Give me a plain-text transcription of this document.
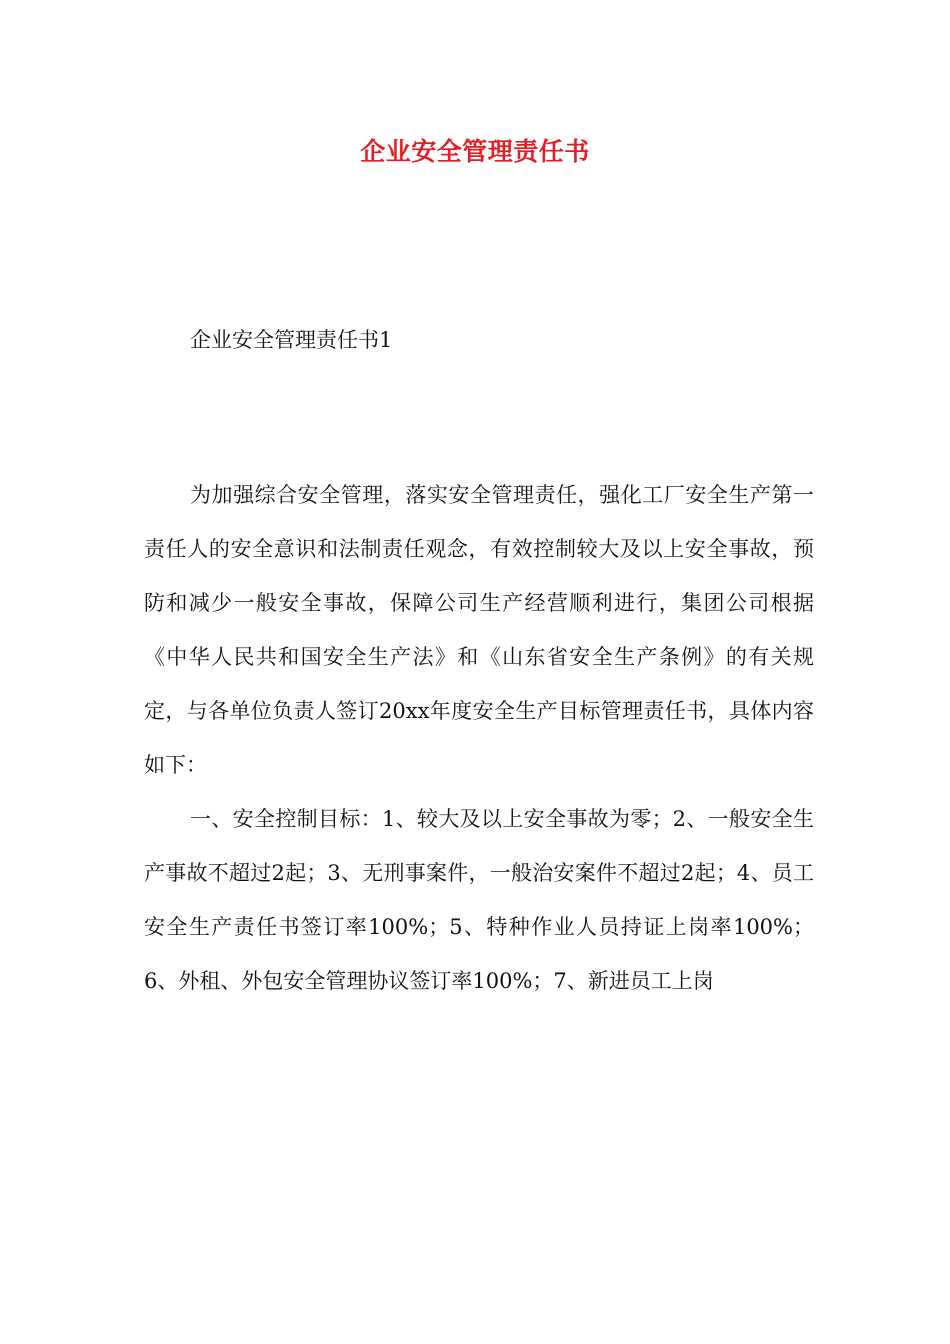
企业安全管理责任书
企业安全管理责任书1

为加强综合安全管理，落实安全管理责任，强化工厂安全生产第一责任人的安全意识和法制责任观念，有效控制较大及以上安全事故，预防和减少一般安全事故，保障公司生产经营顺利进行，集团公司根据《中华人民共和国安全生产法》和《山东省安全生产条例》的有关规定，与各单位负责人签订20xx年度安全生产目标管理责任书，具体内容如下：

一、安全控制目标：1、较大及以上安全事故为零；2、一般安全生产事故不超过2起；3、无刑事案件，一般治安案件不超过2起；4、员工安全生产责任书签订率100%；5、特种作业人员持证上岗率100%；6、外租、外包安全管理协议签订率100%；7、新进员工上岗
